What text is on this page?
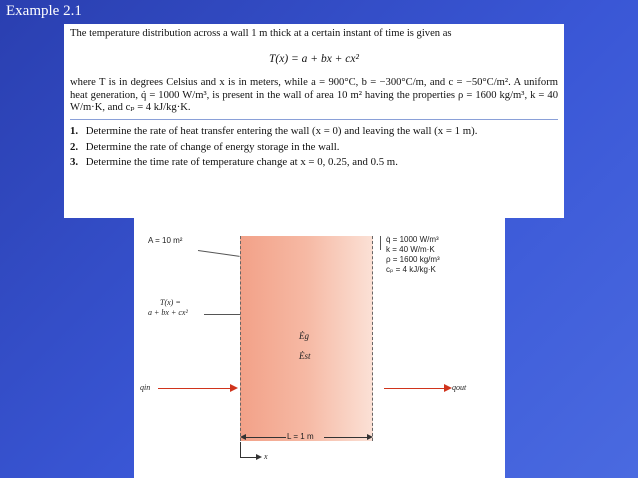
Example 2.1

The temperature distribution across a wall 1 m thick at a certain instant of time is given as

T(x) = a + bx + cx²

where T is in degrees Celsius and x is in meters, while a = 900°C, b = −300°C/m, and c = −50°C/m². A uniform heat generation, q̇ = 1000 W/m³, is present in the wall of area 10 m² having the properties ρ = 1600 kg/m³, k = 40 W/m·K, and cₚ = 4 kJ/kg·K.

1. Determine the rate of heat transfer entering the wall (x = 0) and leaving the wall (x = 1 m).
2. Determine the rate of change of energy storage in the wall.
3. Determine the time rate of temperature change at x = 0, 0.25, and 0.5 m.
A = 10 m²	q̇ = 1000 W/m³
k = 40 W/m·K
ρ = 1600 kg/m³
cₚ = 4 kJ/kg·K
T(x) =
a + bx + cx²
Ėg
Ėst
qin	qout
L = 1 m
x
